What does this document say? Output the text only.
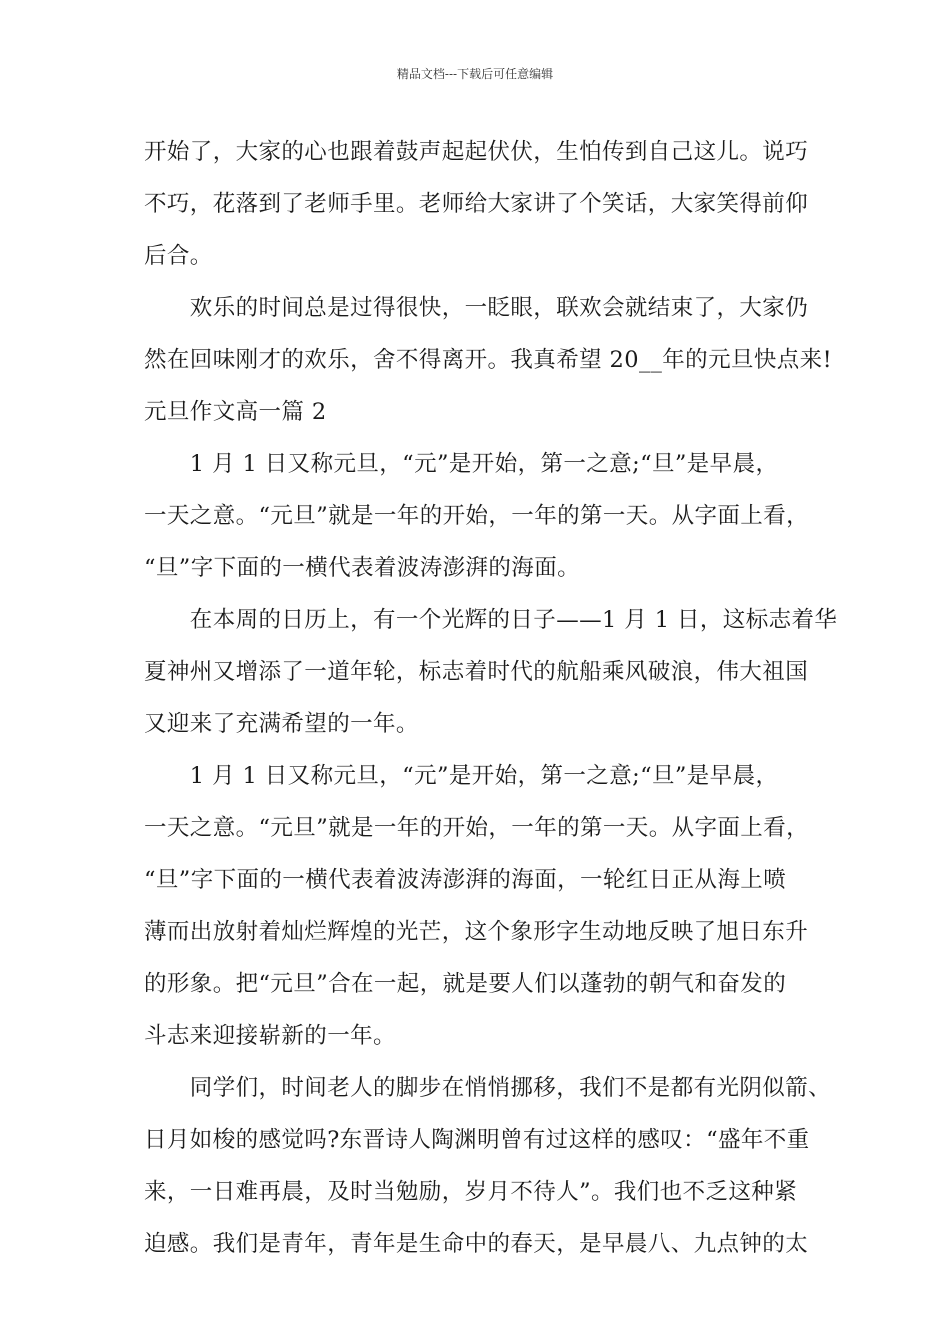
精品文档---下载后可任意编辑
开始了，大家的心也跟着鼓声起起伏伏，生怕传到自己这儿。说巧
不巧，花落到了老师手里。老师给大家讲了个笑话，大家笑得前仰
后合。
　　欢乐的时间总是过得很快，一眨眼，联欢会就结束了，大家仍
然在回味刚才的欢乐，舍不得离开。我真希望 20__年的元旦快点来!
元旦作文高一篇 2
　　1 月 1 日又称元旦，“元”是开始，第一之意;“旦”是早晨，
一天之意。“元旦”就是一年的开始，一年的第一天。从字面上看，
“旦”字下面的一横代表着波涛澎湃的海面。
　　在本周的日历上，有一个光辉的日子——1 月 1 日，这标志着华
夏神州又增添了一道年轮，标志着时代的航船乘风破浪，伟大祖国
又迎来了充满希望的一年。
　　1 月 1 日又称元旦，“元”是开始，第一之意;“旦”是早晨，
一天之意。“元旦”就是一年的开始，一年的第一天。从字面上看，
“旦”字下面的一横代表着波涛澎湃的海面，一轮红日正从海上喷
薄而出放射着灿烂辉煌的光芒，这个象形字生动地反映了旭日东升
的形象。把“元旦”合在一起，就是要人们以蓬勃的朝气和奋发的
斗志来迎接崭新的一年。
　　同学们，时间老人的脚步在悄悄挪移，我们不是都有光阴似箭、
日月如梭的感觉吗?东晋诗人陶渊明曾有过这样的感叹：“盛年不重
来，一日难再晨，及时当勉励，岁月不待人”。我们也不乏这种紧
迫感。我们是青年，青年是生命中的春天，是早晨八、九点钟的太
